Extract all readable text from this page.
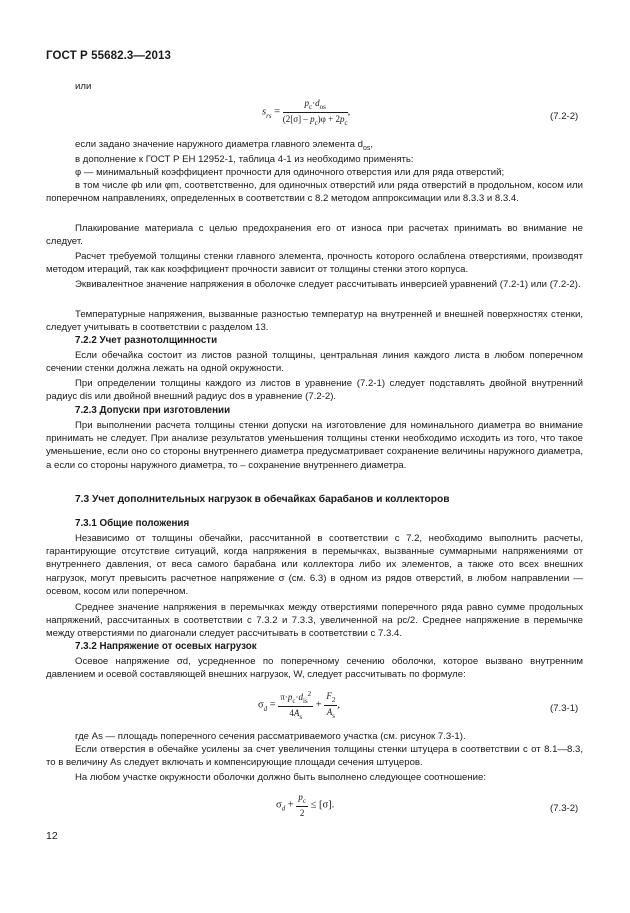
ГОСТ Р 55682.3—2013
или
$s_{rs} = \frac{p_c\cdot d_{os}}{(2[\sigma] - p_c)\varphi + 2p_c}$ ,	(7.2-2)
если задано значение наружного диаметра главного элемента $d_{os}$,
в дополнение к ГОСТ Р ЕН 12952-1, таблица 4-1 из необходимо применять:
φ — минимальный коэффициент прочности для одиночного отверстия или для ряда отверстий;
в том числе φb или φm, соответственно, для одиночных отверстий или ряда отверстий в продольном, косом или поперечном направлениях, определенных в соответствии с 8.2 методом аппроксимации или 8.3.3 и 8.3.4.
Плакирование материала с целью предохранения его от износа при расчетах принимать во внимание не следует.
Расчет требуемой толщины стенки главного элемента, прочность которого ослаблена отверстиями, производят методом итераций, так как коэффициент прочности зависит от толщины стенки этого корпуса.
Эквивалентное значение напряжения в оболочке следует рассчитывать инверсией уравнений (7.2-1) или (7.2-2).
Температурные напряжения, вызванные разностью температур на внутренней и внешней поверхностях стенки, следует учитывать в соответствии с разделом 13.
7.2.2 Учет разнотолщинности
Если обечайка состоит из листов разной толщины, центральная линия каждого листа в любом поперечном сечении стенки должна лежать на одной окружности.
При определении толщины каждого из листов в уравнение (7.2-1) следует подставлять двойной внутренний радиус dis или двойной внешний радиус dos в уравнение (7.2-2).
7.2.3 Допуски при изготовлении
При выполнении расчета толщины стенки допуски на изготовление для номинального диаметра во внимание принимать не следует. При анализе результатов уменьшения толщины стенки необходимо исходить из того, что такое уменьшение, если оно со стороны внутреннего диаметра предусматривает сохранение величины наружного диаметра, а если со стороны наружного диаметра, то – сохранение внутреннего диаметра.
7.3 Учет дополнительных нагрузок в обечайках барабанов и коллекторов
7.3.1 Общие положения
Независимо от толщины обечайки, рассчитанной в соответствии с 7.2, необходимо выполнить расчеты, гарантирующие отсутствие ситуаций, когда напряжения в перемычках, вызванные суммарными напряжениями от внутреннего давления, от веса самого барабана или коллектора либо их элементов, а также ото всех внешних нагрузок, могут превысить расчетное напряжение σ (см. 6.3) в одном из рядов отверстий, в любом направлении — осевом, косом или поперечном.
Среднее значение напряжения в перемычках между отверстиями поперечного ряда равно сумме продольных напряжений, рассчитанных в соответствии с 7.3.2 и 7.3.3, увеличенной на pc/2. Среднее напряжение в перемычке между отверстиями по диагонали следует рассчитывать в соответствии с 7.3.4.
7.3.2 Напряжение от осевых нагрузок
Осевое напряжение σd, усредненное по поперечному сечению оболочки, которое вызвано внутренним давлением и осевой составляющей внешних нагрузок, W, следует рассчитывать по формуле:
$\sigma_d = \frac{\pi\cdot p_c\cdot d_{is}^2}{4A_s} + \frac{F_2}{A_s}$ ,	(7.3-1)
где As — площадь поперечного сечения рассматриваемого участка (см. рисунок 7.3-1).
Если отверстия в обечайке усилены за счет увеличения толщины стенки штуцера в соответствии с от 8.1—8.3, то в величину As следует включать и компенсирующие площади сечения штуцеров.
На любом участке окружности оболочки должно быть выполнено следующее соотношение:
$\sigma_d + \frac{p_c}{2} \le [\sigma]$.	(7.3-2)
12
